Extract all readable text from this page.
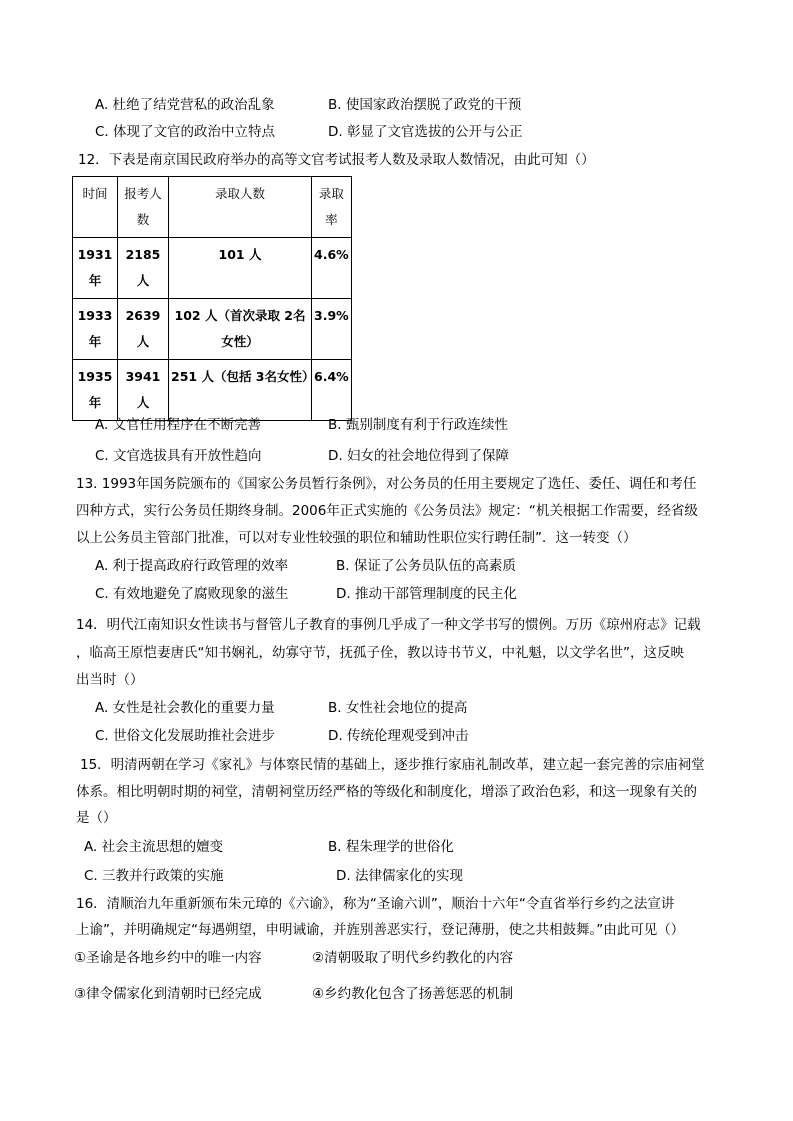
A. 杜绝了结党营私的政治乱象	B. 使国家政治摆脱了政党的干预
C. 体现了文官的政治中立特点	D. 彰显了文官选拔的公开与公正
12．下表是南京国民政府举办的高等文官考试报考人数及录取人数情况，由此可知（）
时间	报考人数	录取人数	录取率
1931年	2185 人	101 人	4.6%
1933年	2639 人	102 人（首次录取 2名女性）	3.9%
1935年	3941 人	251 人（包括 3名女性）	6.4%
A. 文官任用程序在不断完善	B. 甄别制度有利于行政连续性
C. 文官选拔具有开放性趋向	D. 妇女的社会地位得到了保障
13. 1993年国务院颁布的《国家公务员暂行条例》，对公务员的任用主要规定了选任、委任、调任和考任
四种方式，实行公务员任期终身制。2006年正式实施的《公务员法》规定：“机关根据工作需要，经省级
以上公务员主管部门批准，可以对专业性较强的职位和辅助性职位实行聘任制”．这一转变（）
A. 利于提高政府行政管理的效率	B. 保证了公务员队伍的高素质
C. 有效地避免了腐败现象的滋生	D. 推动干部管理制度的民主化
14．明代江南知识女性读书与督管儿子教育的事例几乎成了一种文学书写的惯例。万历《琼州府志》记载
，临高王原恺妻唐氏“知书娴礼，幼寡守节，抚孤子佺，教以诗书节义，中礼魁，以文学名世”，这反映
出当时（）
A. 女性是社会教化的重要力量	B. 女性社会地位的提高
C. 世俗文化发展助推社会进步	D. 传统伦理观受到冲击
15．明清两朝在学习《家礼》与体察民情的基础上，逐步推行家庙礼制改革，建立起一套完善的宗庙祠堂
体系。相比明朝时期的祠堂，清朝祠堂历经严格的等级化和制度化，增添了政治色彩，和这一现象有关的
是（）
A. 社会主流思想的嬗变	B. 程朱理学的世俗化
C. 三教并行政策的实施	D. 法律儒家化的实现
16．清顺治九年重新颁布朱元璋的《六谕》，称为“圣谕六训”，顺治十六年“令直省举行乡约之法宣讲
上谕”，并明确规定“每遇朔望，申明诫谕，并旌别善恶实行，登记薄册，使之共相鼓舞。”由此可见（）
①圣谕是各地乡约中的唯一内容	②清朝吸取了明代乡约教化的内容
③律令儒家化到清朝时已经完成	④乡约教化包含了扬善惩恶的机制
